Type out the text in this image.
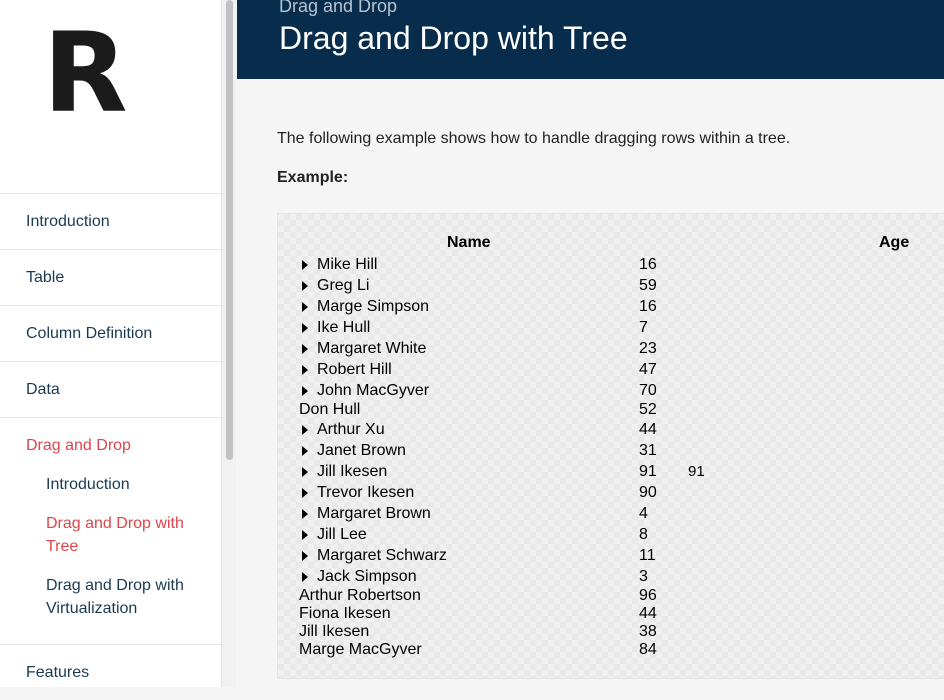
R
Introduction
Table
Column Definition
Data
Drag and Drop
Introduction
Drag and Drop with Tree
Drag and Drop with Virtualization
Features
Drag and Drop
Drag and Drop with Tree
The following example shows how to handle dragging rows within a tree.
Example:
Name	Age
Mike Hill	16
Greg Li	59
Marge Simpson	16
Ike Hull	7
Margaret White	23
Robert Hill	47
John MacGyver	70
Don Hull	52
Arthur Xu	44
Janet Brown	31
Jill Ikesen	91 91
Trevor Ikesen	90
Margaret Brown	4
Jill Lee	8
Margaret Schwarz	11
Jack Simpson	3
Arthur Robertson	96
Fiona Ikesen	44
Jill Ikesen	38
Marge MacGyver	84
